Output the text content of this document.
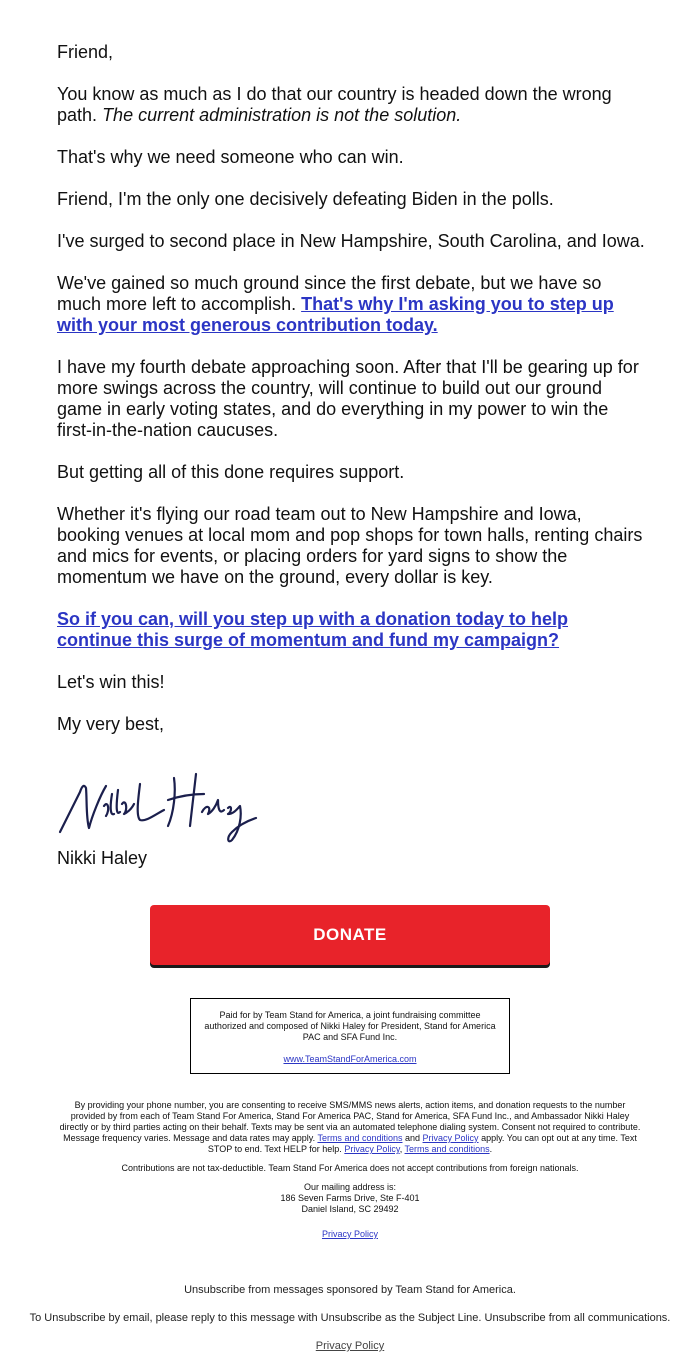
Friend,

You know as much as I do that our country is headed down the wrong path. The current administration is not the solution.

That's why we need someone who can win.

Friend, I'm the only one decisively defeating Biden in the polls.

I've surged to second place in New Hampshire, South Carolina, and Iowa.

We've gained so much ground since the first debate, but we have so much more left to accomplish. That's why I'm asking you to step up with your most generous contribution today.

I have my fourth debate approaching soon. After that I'll be gearing up for more swings across the country, will continue to build out our ground game in early voting states, and do everything in my power to win the first-in-the-nation caucuses.

But getting all of this done requires support.

Whether it's flying our road team out to New Hampshire and Iowa, booking venues at local mom and pop shops for town halls, renting chairs and mics for events, or placing orders for yard signs to show the momentum we have on the ground, every dollar is key.

So if you can, will you step up with a donation today to help continue this surge of momentum and fund my campaign?

Let's win this!

My very best,

Nikki Haley
DONATE
Paid for by Team Stand for America, a joint fundraising committee authorized and composed of Nikki Haley for President, Stand for America PAC and SFA Fund Inc.
www.TeamStandForAmerica.com

By providing your phone number, you are consenting to receive SMS/MMS news alerts, action items, and donation requests to the number provided by from each of Team Stand For America, Stand For America PAC, Stand for America, SFA Fund Inc., and Ambassador Nikki Haley directly or by third parties acting on their behalf. Texts may be sent via an automated telephone dialing system. Consent not required to contribute. Message frequency varies. Message and data rates may apply. Terms and conditions and Privacy Policy apply. You can opt out at any time. Text STOP to end. Text HELP for help. Privacy Policy, Terms and conditions.

Contributions are not tax-deductible. Team Stand For America does not accept contributions from foreign nationals.

Our mailing address is:
186 Seven Farms Drive, Ste F-401
Daniel Island, SC 29492
Privacy Policy
Unsubscribe from messages sponsored by Team Stand for America.
To Unsubscribe by email, please reply to this message with Unsubscribe as the Subject Line. Unsubscribe from all communications.
Privacy Policy
